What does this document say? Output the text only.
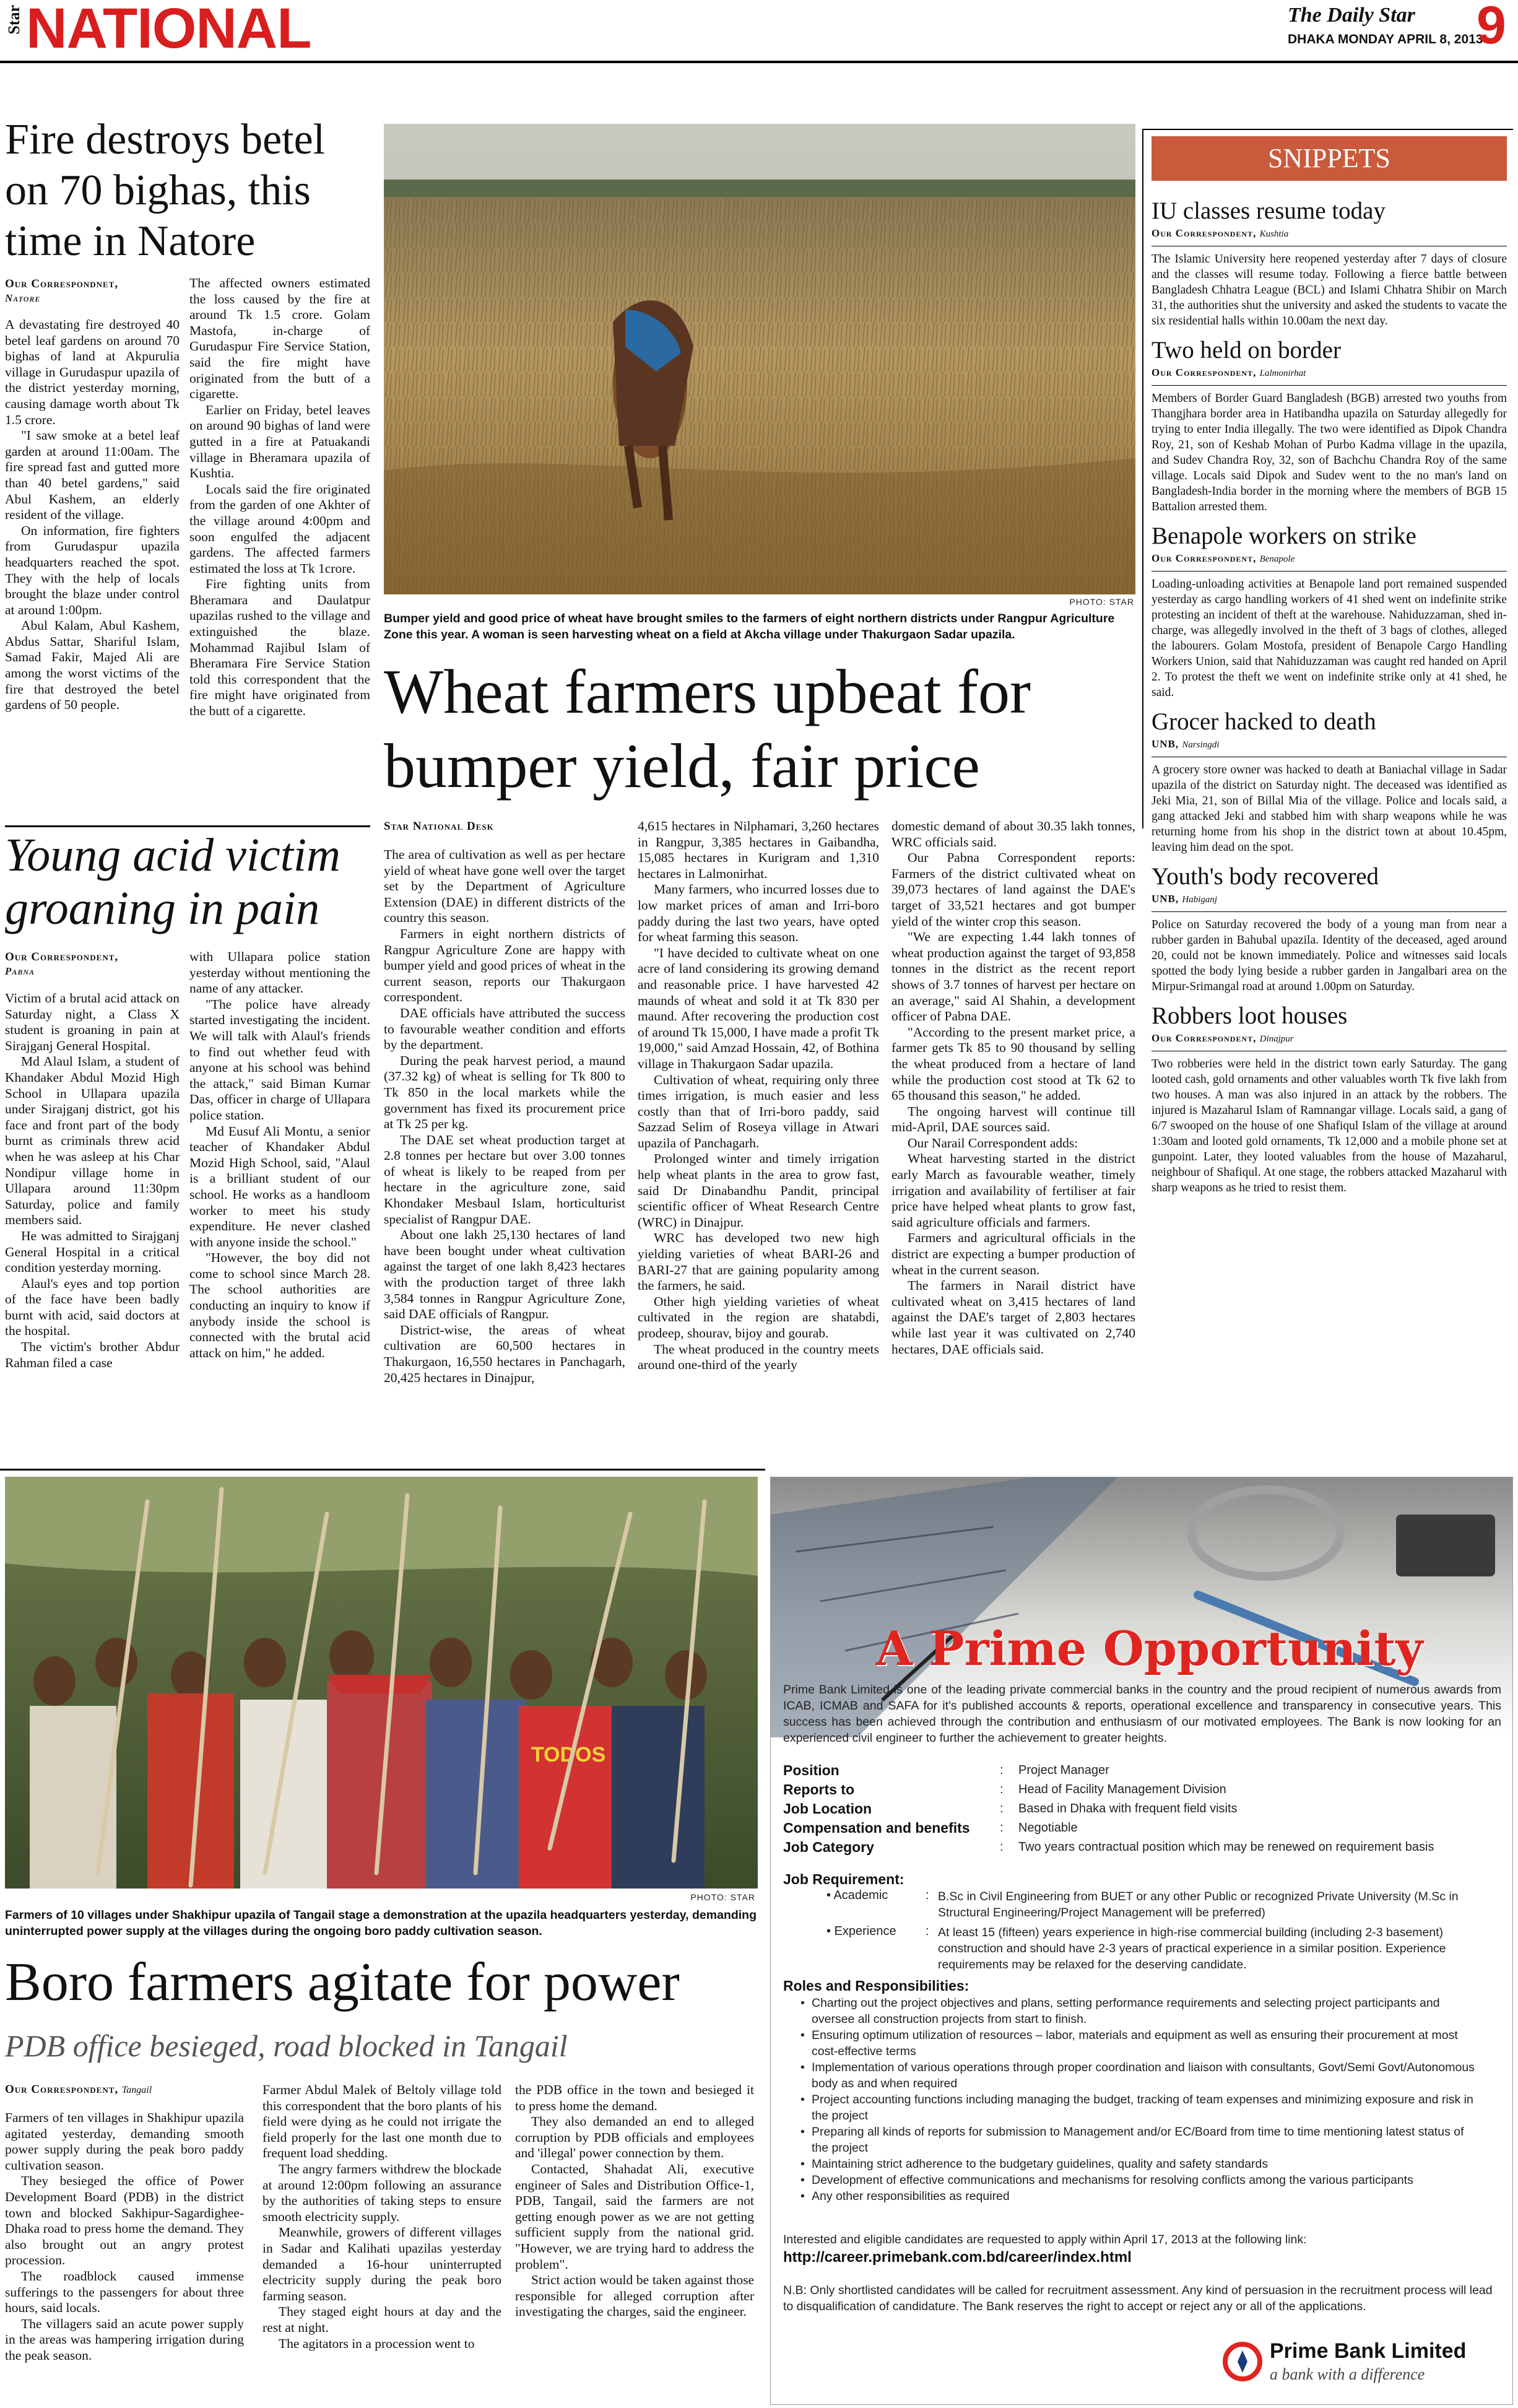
Star NATIONAL	The Daily Star
DHAKA MONDAY APRIL 8, 2013
9
Fire destroys betel on 70 bighas, this time in Natore
Our Correspondnet,
Natore

A devastating fire destroyed 40 betel leaf gardens on around 70 bighas of land at Akpurulia village in Gurudaspur upazila of the district yesterday morning, causing damage worth about Tk 1.5 crore.

"I saw smoke at a betel leaf garden at around 11:00am. The fire spread fast and gutted more than 40 betel gardens," said Abul Kashem, an elderly resident of the village.

On information, fire fighters from Gurudaspur upazila headquarters reached the spot. They with the help of locals brought the blaze under control at around 1:00pm.

Abul Kalam, Abul Kashem, Abdus Sattar, Shariful Islam, Samad Fakir, Majed Ali are among the worst victims of the fire that destroyed the betel gardens of 50 people.

The affected owners estimated the loss caused by the fire at around Tk 1.5 crore. Golam Mastofa, in-charge of Gurudaspur Fire Service Station, said the fire might have originated from the butt of a cigarette.

Earlier on Friday, betel leaves on around 90 bighas of land were gutted in a fire at Patuakandi village in Bheramara upazila of Kushtia.

Locals said the fire originated from the garden of one Akhter of the village around 4:00pm and soon engulfed the adjacent gardens. The affected farmers estimated the loss at Tk 1crore.

Fire fighting units from Bheramara and Daulatpur upazilas rushed to the village and extinguished the blaze. Mohammad Rajibul Islam of Bheramara Fire Service Station told this correspondent that the fire might have originated from the butt of a cigarette.

Young acid victim groaning in pain
Our Correspondent,
Pabna

Victim of a brutal acid attack on Saturday night, a Class X student is groaning in pain at Sirajganj General Hospital.

Md Alaul Islam, a student of Khandaker Abdul Mozid High School in Ullapara upazila under Sirajganj district, got his face and front part of the body burnt as criminals threw acid when he was asleep at his Char Nondipur village home in Ullapara around 11:30pm Saturday, police and family members said.

He was admitted to Sirajganj General Hospital in a critical condition yesterday morning.

Alaul's eyes and top portion of the face have been badly burnt with acid, said doctors at the hospital.

The victim's brother Abdur Rahman filed a case

with Ullapara police station yesterday without mentioning the name of any attacker.

"The police have already started investigating the incident. We will talk with Alaul's friends to find out whether feud with anyone at his school was behind the attack," said Biman Kumar Das, officer in charge of Ullapara police station.

Md Eusuf Ali Montu, a senior teacher of Khandaker Abdul Mozid High School, said, "Alaul is a brilliant student of our school. He works as a handloom worker to meet his study expenditure. He never clashed with anyone inside the school."

"However, the boy did not come to school since March 28. The school authorities are conducting an inquiry to know if anybody inside the school is connected with the brutal acid attack on him," he added.

PHOTO: STAR
Bumper yield and good price of wheat have brought smiles to the farmers of eight northern districts under Rangpur Agriculture Zone this year. A woman is seen harvesting wheat on a field at Akcha village under Thakurgaon Sadar upazila.
Wheat farmers upbeat for bumper yield, fair price
Star National Desk

The area of cultivation as well as per hectare yield of wheat have gone well over the target set by the Department of Agriculture Extension (DAE) in different districts of the country this season.

Farmers in eight northern districts of Rangpur Agriculture Zone are happy with bumper yield and good prices of wheat in the current season, reports our Thakurgaon correspondent.

DAE officials have attributed the success to favourable weather condition and efforts by the department.

During the peak harvest period, a maund (37.32 kg) of wheat is selling for Tk 800 to Tk 850 in the local markets while the government has fixed its procurement price at Tk 25 per kg.

The DAE set wheat production target at 2.8 tonnes per hectare but over 3.00 tonnes of wheat is likely to be reaped from per hectare in the agriculture zone, said Khondaker Mesbaul Islam, horticulturist specialist of Rangpur DAE.

About one lakh 25,130 hectares of land have been bought under wheat cultivation against the target of one lakh 8,423 hectares with the production target of three lakh 3,584 tonnes in Rangpur Agriculture Zone, said DAE officials of Rangpur.

District-wise, the areas of wheat cultivation are 60,500 hectares in Thakurgaon, 16,550 hectares in Panchagarh, 20,425 hectares in Dinajpur,

4,615 hectares in Nilphamari, 3,260 hectares in Rangpur, 3,385 hectares in Gaibandha, 15,085 hectares in Kurigram and 1,310 hectares in Lalmonirhat.

Many farmers, who incurred losses due to low market prices of aman and Irri-boro paddy during the last two years, have opted for wheat farming this season.

"I have decided to cultivate wheat on one acre of land considering its growing demand and reasonable price. I have harvested 42 maunds of wheat and sold it at Tk 830 per maund. After recovering the production cost of around Tk 15,000, I have made a profit Tk 19,000," said Amzad Hossain, 42, of Bothina village in Thakurgaon Sadar upazila.

Cultivation of wheat, requiring only three times irrigation, is much easier and less costly than that of Irri-boro paddy, said Sazzad Selim of Roseya village in Atwari upazila of Panchagarh.

Prolonged winter and timely irrigation help wheat plants in the area to grow fast, said Dr Dinabandhu Pandit, principal scientific officer of Wheat Research Centre (WRC) in Dinajpur.

WRC has developed two new high yielding varieties of wheat BARI-26 and BARI-27 that are gaining popularity among the farmers, he said.

Other high yielding varieties of wheat cultivated in the region are shatabdi, prodeep, shourav, bijoy and gourab.

The wheat produced in the country meets around one-third of the yearly

domestic demand of about 30.35 lakh tonnes, WRC officials said.

Our Pabna Correspondent reports: Farmers of the district cultivated wheat on 39,073 hectares of land against the DAE's target of 33,521 hectares and got bumper yield of the winter crop this season.

"We are expecting 1.44 lakh tonnes of wheat production against the target of 93,858 tonnes in the district as the recent report shows of 3.7 tonnes of harvest per hectare on an average," said Al Shahin, a development officer of Pabna DAE.

"According to the present market price, a farmer gets Tk 85 to 90 thousand by selling the wheat produced from a hectare of land while the production cost stood at Tk 62 to 65 thousand this season," he added.

The ongoing harvest will continue till mid-April, DAE sources said.

Our Narail Correspondent adds:

Wheat harvesting started in the district early March as favourable weather, timely irrigation and availability of fertiliser at fair price have helped wheat plants to grow fast, said agriculture officials and farmers.

Farmers and agricultural officials in the district are expecting a bumper production of wheat in the current season.

The farmers in Narail district have cultivated wheat on 3,415 hectares of land against the DAE's target of 2,803 hectares while last year it was cultivated on 2,740 hectares, DAE officials said.

SNIPPETS
IU classes resume today
Our Correspondent, Kushtia
The Islamic University here reopened yesterday after 7 days of closure and the classes will resume today. Following a fierce battle between Bangladesh Chhatra League (BCL) and Islami Chhatra Shibir on March 31, the authorities shut the university and asked the students to vacate the six residential halls within 10.00am the next day.
Two held on border
Our Correspondent, Lalmonirhat
Members of Border Guard Bangladesh (BGB) arrested two youths from Thangjhara border area in Hatibandha upazila on Saturday allegedly for trying to enter India illegally. The two were identified as Dipok Chandra Roy, 21, son of Keshab Mohan of Purbo Kadma village in the upazila, and Sudev Chandra Roy, 32, son of Bachchu Chandra Roy of the same village. Locals said Dipok and Sudev went to the no man's land on Bangladesh-India border in the morning where the members of BGB 15 Battalion arrested them.
Benapole workers on strike
Our Correspondent, Benapole
Loading-unloading activities at Benapole land port remained suspended yesterday as cargo handling workers of 41 shed went on indefinite strike protesting an incident of theft at the warehouse. Nahiduzzaman, shed in-charge, was allegedly involved in the theft of 3 bags of clothes, alleged the labourers. Golam Mostofa, president of Benapole Cargo Handling Workers Union, said that Nahiduzzaman was caught red handed on April 2. To protest the theft we went on indefinite strike only at 41 shed, he said.
Grocer hacked to death
UNB, Narsingdi
A grocery store owner was hacked to death at Baniachal village in Sadar upazila of the district on Saturday night. The deceased was identified as Jeki Mia, 21, son of Billal Mia of the village. Police and locals said, a gang attacked Jeki and stabbed him with sharp weapons while he was returning home from his shop in the district town at about 10.45pm, leaving him dead on the spot.
Youth's body recovered
UNB, Habiganj
Police on Saturday recovered the body of a young man from near a rubber garden in Bahubal upazila. Identity of the deceased, aged around 20, could not be known immediately. Police and witnesses said locals spotted the body lying beside a rubber garden in Jangalbari area on the Mirpur-Srimangal road at around 1.00pm on Saturday.
Robbers loot houses
Our Correspondent, Dinajpur
Two robberies were held in the district town early Saturday. The gang looted cash, gold ornaments and other valuables worth Tk five lakh from two houses. A man was also injured in an attack by the robbers. The injured is Mazaharul Islam of Ramnangar village. Locals said, a gang of 6/7 swooped on the house of one Shafiqul Islam of the village at around 1:30am and looted gold ornaments, Tk 12,000 and a mobile phone set at gunpoint. Later, they looted valuables from the house of Mazaharul, neighbour of Shafiqul. At one stage, the robbers attacked Mazaharul with sharp weapons as he tried to resist them.
TODOS
PHOTO: STAR
Farmers of 10 villages under Shakhipur upazila of Tangail stage a demonstration at the upazila headquarters yesterday, demanding uninterrupted power supply at the villages during the ongoing boro paddy cultivation season.
Boro farmers agitate for power
PDB office besieged, road blocked in Tangail
Our Correspondent, Tangail

Farmers of ten villages in Shakhipur upazila agitated yesterday, demanding smooth power supply during the peak boro paddy cultivation season.

They besieged the office of Power Development Board (PDB) in the district town and blocked Sakhipur-Sagardighee-Dhaka road to press home the demand. They also brought out an angry protest procession.

The roadblock caused immense sufferings to the passengers for about three hours, said locals.

The villagers said an acute power supply in the areas was hampering irrigation during the peak season.

Farmer Abdul Malek of Beltoly village told this correspondent that the boro plants of his field were dying as he could not irrigate the field properly for the last one month due to frequent load shedding.

The angry farmers withdrew the blockade at around 12:00pm following an assurance by the authorities of taking steps to ensure smooth electricity supply.

Meanwhile, growers of different villages in Sadar and Kalihati upazilas yesterday demanded a 16-hour uninterrupted electricity supply during the peak boro farming season.

They staged eight hours at day and the rest at night.

The agitators in a procession went to

the PDB office in the town and besieged it to press home the demand.

They also demanded an end to alleged corruption by PDB officials and employees and 'illegal' power connection by them.

Contacted, Shahadat Ali, executive engineer of Sales and Distribution Office-1, PDB, Tangail, said the farmers are not getting enough power as we are not getting sufficient supply from the national grid. "However, we are trying hard to address the problem".

Strict action would be taken against those responsible for alleged corruption after investigating the charges, said the engineer.

A Prime Opportunity
Prime Bank Limited is one of the leading private commercial banks in the country and the proud recipient of numerous awards from ICAB, ICMAB and SAFA for it's published accounts & reports, operational excellence and transparency in consecutive years. This success has been achieved through the contribution and enthusiasm of our motivated employees. The Bank is now looking for an experienced civil engineer to further the achievement to greater heights.
Position	:	Project Manager
Reports to	:	Head of Facility Management Division
Job Location	:	Based in Dhaka with frequent field visits
Compensation and benefits	:	Negotiable
Job Category	:	Two years contractual position which may be renewed on requirement basis
Job Requirement:
• Academic	: B.Sc in Civil Engineering from BUET or any other Public or recognized Private University (M.Sc in Structural Engineering/Project Management will be preferred)
• Experience	: At least 15 (fifteen) years experience in high-rise commercial building (including 2-3 basement) construction and should have 2-3 years of practical experience in a similar position. Experience requirements may be relaxed for the deserving candidate.
Roles and Responsibilities:
• Charting out the project objectives and plans, setting performance requirements and selecting project participants and oversee all construction projects from start to finish.
• Ensuring optimum utilization of resources – labor, materials and equipment as well as ensuring their procurement at most cost-effective terms
• Implementation of various operations through proper coordination and liaison with consultants, Govt/Semi Govt/Autonomous body as and when required
• Project accounting functions including managing the budget, tracking of team expenses and minimizing exposure and risk in the project
• Preparing all kinds of reports for submission to Management and/or EC/Board from time to time mentioning latest status of the project
• Maintaining strict adherence to the budgetary guidelines, quality and safety standards
• Development of effective communications and mechanisms for resolving conflicts among the various participants
• Any other responsibilities as required
Interested and eligible candidates are requested to apply within April 17, 2013 at the following link:
http://career.primebank.com.bd/career/index.html
N.B: Only shortlisted candidates will be called for recruitment assessment. Any kind of persuasion in the recruitment process will lead to disqualification of candidature. The Bank reserves the right to accept or reject any or all of the applications.
Prime Bank Limited
a bank with a difference
